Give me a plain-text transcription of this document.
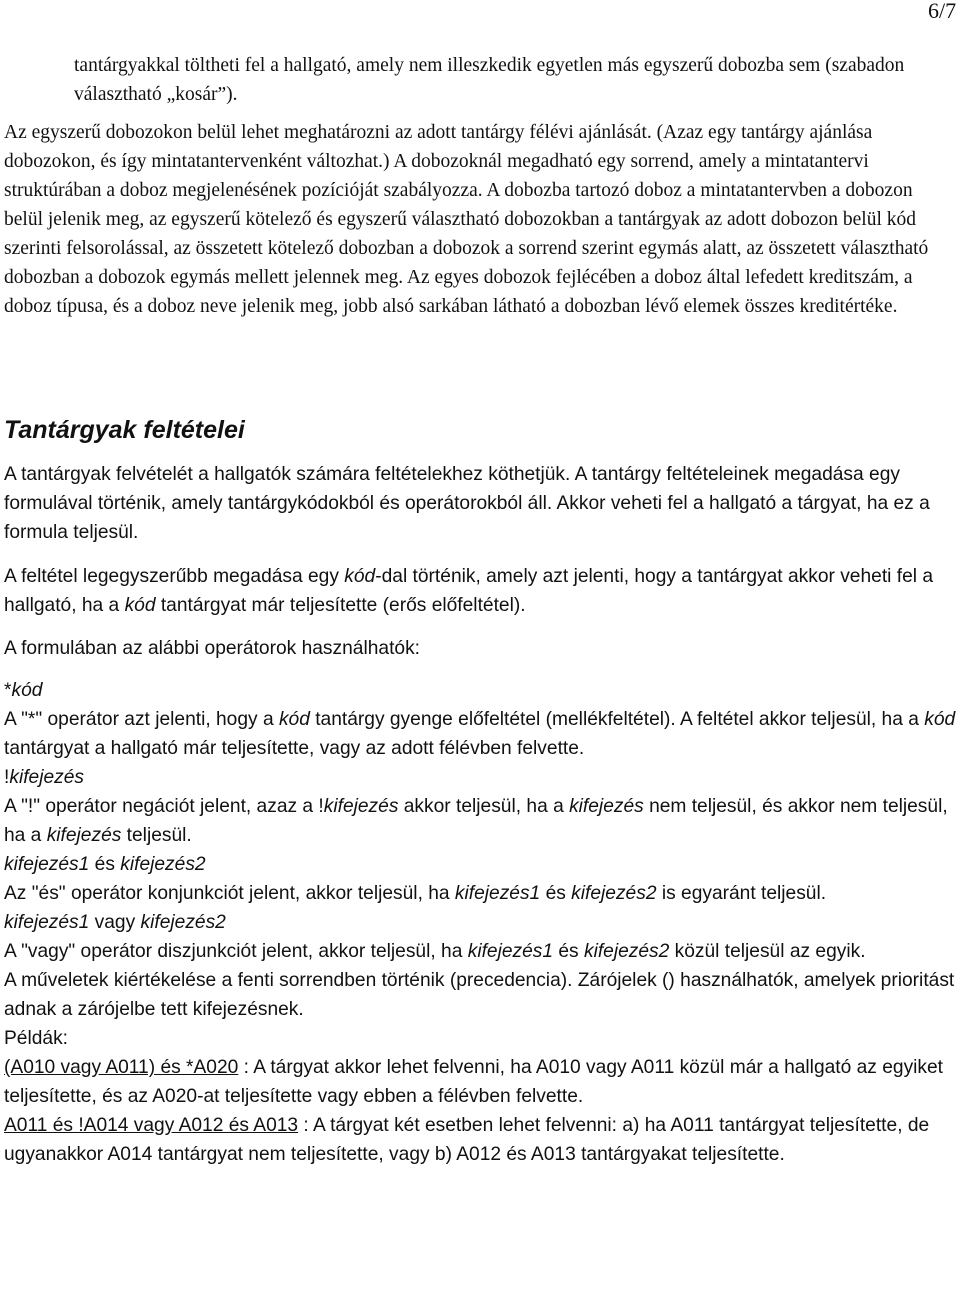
6/7

tantárgyakkal töltheti fel a hallgató, amely nem illeszkedik egyetlen más egyszerű dobozba sem (szabadon választható „kosár”).

Az egyszerű dobozokon belül lehet meghatározni az adott tantárgy félévi ajánlását. (Azaz egy tantárgy ajánlása dobozokon, és így mintatantervenként változhat.) A dobozoknál megadható egy sorrend, amely a mintatantervi struktúrában a doboz megjelenésének pozícióját szabályozza. A dobozba tartozó doboz a mintatantervben a dobozon belül jelenik meg, az egyszerű kötelező és egyszerű választható dobozokban a tantárgyak az adott dobozon belül kód szerinti felsorolással, az összetett kötelező dobozban a dobozok a sorrend szerint egymás alatt, az összetett választható dobozban a dobozok egymás mellett jelennek meg. Az egyes dobozok fejlécében a doboz által lefedett kreditszám, a doboz típusa, és a doboz neve jelenik meg, jobb alsó sarkában látható a dobozban lévő elemek összes kreditértéke.

Tantárgyak feltételei

A tantárgyak felvételét a hallgatók számára feltételekhez köthetjük. A tantárgy feltételeinek megadása egy formulával történik, amely tantárgykódokból és operátorokból áll. Akkor veheti fel a hallgató a tárgyat, ha ez a formula teljesül.

A feltétel legegyszerűbb megadása egy kód-dal történik, amely azt jelenti, hogy a tantárgyat akkor veheti fel a hallgató, ha a kód tantárgyat már teljesítette (erős előfeltétel).

A formulában az alábbi operátorok használhatók:

*kód

A "*" operátor azt jelenti, hogy a kód tantárgy gyenge előfeltétel (mellékfeltétel). A feltétel akkor teljesül, ha a kód tantárgyat a hallgató már teljesítette, vagy az adott félévben felvette.

!kifejezés

A "!" operátor negációt jelent, azaz a !kifejezés akkor teljesül, ha a kifejezés nem teljesül, és akkor nem teljesül, ha a kifejezés teljesül.

kifejezés1 és kifejezés2

Az "és" operátor konjunkciót jelent, akkor teljesül, ha kifejezés1 és kifejezés2 is egyaránt teljesül.

kifejezés1 vagy kifejezés2

A "vagy" operátor diszjunkciót jelent, akkor teljesül, ha kifejezés1 és kifejezés2 közül teljesül az egyik.

A műveletek kiértékelése a fenti sorrendben történik (precedencia). Zárójelek () használhatók, amelyek prioritást adnak a zárójelbe tett kifejezésnek.

Példák:

(A010 vagy A011) és *A020 : A tárgyat akkor lehet felvenni, ha A010 vagy A011 közül már a hallgató az egyiket teljesítette, és az A020-at teljesítette vagy ebben a félévben felvette.

A011 és !A014 vagy A012 és A013 : A tárgyat két esetben lehet felvenni: a) ha A011 tantárgyat teljesítette, de ugyanakkor A014 tantárgyat nem teljesítette, vagy b) A012 és A013 tantárgyakat teljesítette.
